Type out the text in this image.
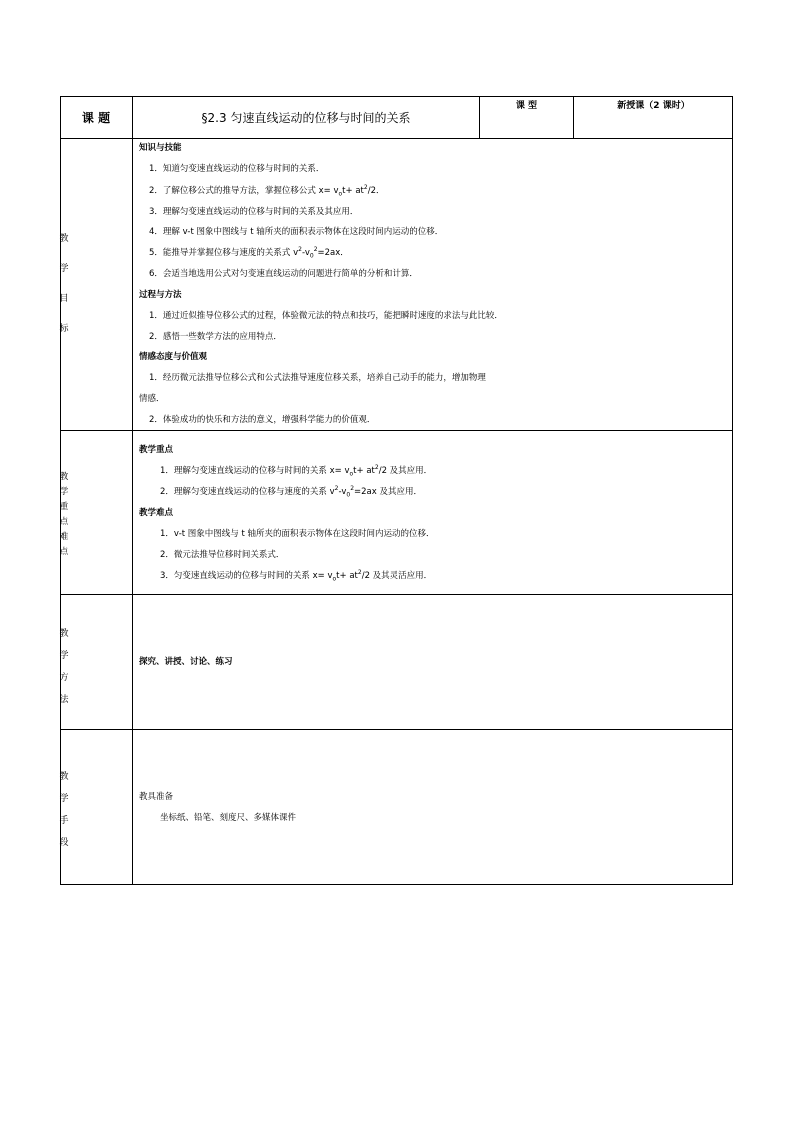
课 题	§2.3 匀速直线运动的位移与时间的关系
课 型	新授课（2 课时）
教
学
目
标
知识与技能
1．知道匀变速直线运动的位移与时间的关系．
2．了解位移公式的推导方法，掌握位移公式 $x= v_ot+ at^2/2$．
3．理解匀变速直线运动的位移与时间的关系及其应用．
4．理解 v-t 图象中图线与 t 轴所夹的面积表示物体在这段时间内运动的位移．
5．能推导并掌握位移与速度的关系式 $v^2-v_0^2=2ax$．
6．会适当地选用公式对匀变速直线运动的问题进行简单的分析和计算．
过程与方法
1．通过近似推导位移公式的过程，体验微元法的特点和技巧，能把瞬时速度的求法与此比较．
2．感悟一些数学方法的应用特点．
情感态度与价值观
1．经历微元法推导位移公式和公式法推导速度位移关系，培养自己动手的能力，增加物理
情感．
2．体验成功的快乐和方法的意义，增强科学能力的价值观．
教
学
重
点
难
点
教学重点
1．理解匀变速直线运动的位移与时间的关系 $x= v_ot+ at^2/2$ 及其应用．
2．理解匀变速直线运动的位移与速度的关系 $v^2-v_0^2=2ax$ 及其应用．
教学难点
1．v-t 图象中图线与 t 轴所夹的面积表示物体在这段时间内运动的位移．
2．微元法推导位移时间关系式．
3．匀变速直线运动的位移与时间的关系 $x= v_ot+ at^2/2$ 及其灵活应用．
教
学
方
法
探究、讲授、讨论、练习
教
学
手
段
教具准备
坐标纸、铅笔、刻度尺、多媒体课件
